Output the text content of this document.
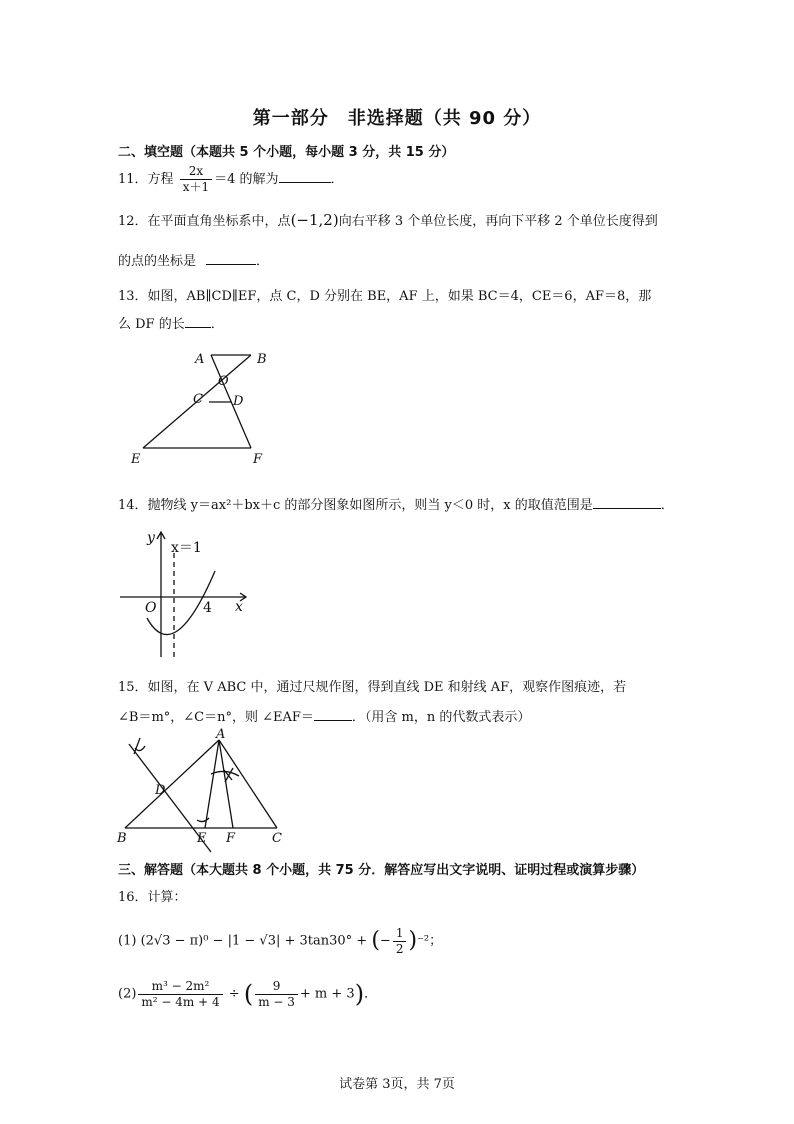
第一部分　非选择题（共 90 分）
二、填空题（本题共 5 个小题，每小题 3 分，共 15 分）
11．方程 $\frac{2x}{x+1} =4$ 的解为	．
12．在平面直角坐标系中，点(−1,2)向右平移 3 个单位长度，再向下平移 2 个单位长度得到
的点的坐标是	．
13．如图，AB∥CD∥EF，点 C，D 分别在 BE，AF 上，如果 BC＝4，CE＝6，AF＝8，那
么 DF 的长 ．
A	B
O
C D
E	F
14．抛物线 y＝ax²＋bx＋c 的部分图象如图所示，则当 y＜0 时，x 的取值范围是	．
y
x
O
x＝1
4
15．如图，在 V ABC 中，通过尺规作图，得到直线 DE 和射线 AF，观察作图痕迹，若
∠B＝m°，∠C＝n°，则 ∠EAF＝	．（用含 m，n 的代数式表示）
A
B	C
D
E F
三、解答题（本大题共 8 个小题，共 75 分．解答应写出文字说明、证明过程或演算步骤）
16．计算：
(1) (2√3 − π)⁰ − |1 − √3| + 3tan30° + (− $\frac{1}{2} )^{-2}$；
$(2) \frac{\text{m³ − 2m²}}{\text{m² − 4m + 4}}$ ÷ ( $\frac{9}{m - 3} + m + 3$)．
试卷第 3页，共 7页
